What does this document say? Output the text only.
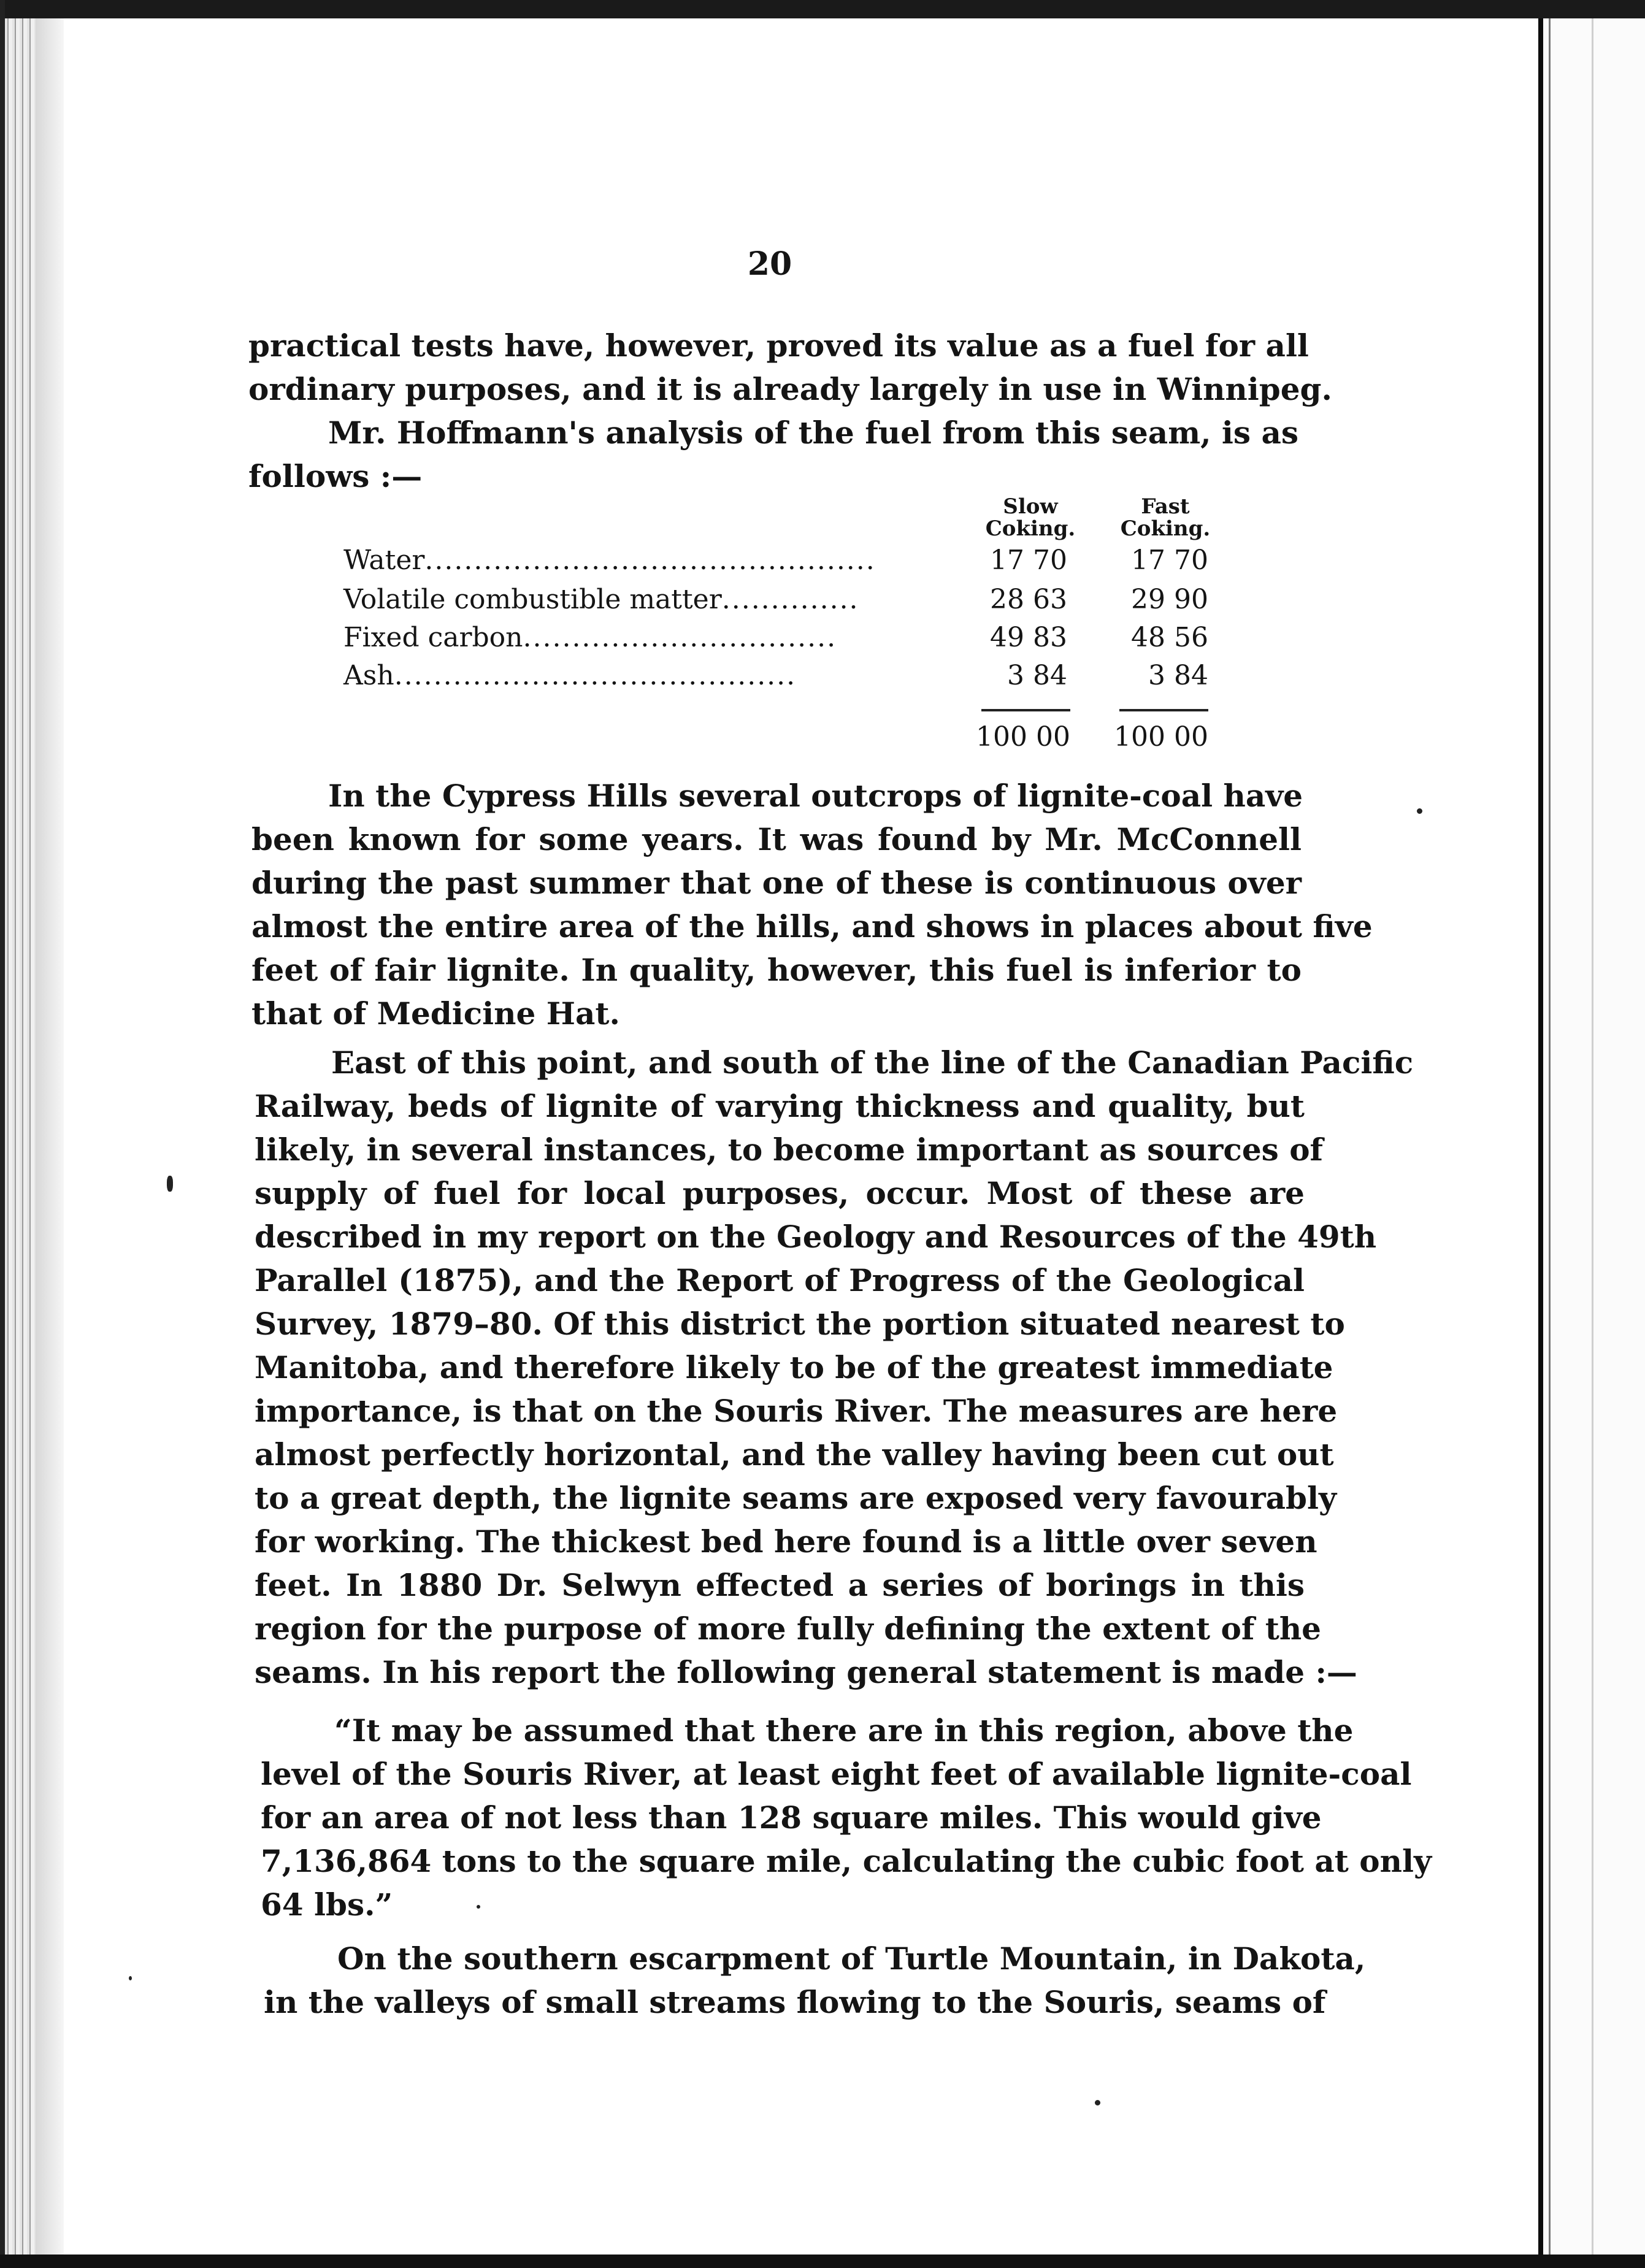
20
practical tests have, however, proved its value as a fuel for all
ordinary purposes, and it is already largely in use in Winnipeg.
Mr. Hoffmann's analysis of the fuel from this seam, is as
follows :—
Slow
Coking.
Fast
Coking.
Water..............................................	17 70	17 70
Volatile combustible matter..............	28 63	29 90
Fixed carbon................................	49 83	48 56
Ash.........................................	3 84	3 84
100 00	100 00
In the Cypress Hills several outcrops of lignite-coal have
been known for some years. It was found by Mr. McConnell
during the past summer that one of these is continuous over
almost the entire area of the hills, and shows in places about five
feet of fair lignite. In quality, however, this fuel is inferior to
that of Medicine Hat.
East of this point, and south of the line of the Canadian Pacific
Railway, beds of lignite of varying thickness and quality, but
likely, in several instances, to become important as sources of
supply of fuel for local purposes, occur. Most of these are
described in my report on the Geology and Resources of the 49th
Parallel (1875), and the Report of Progress of the Geological
Survey, 1879–80. Of this district the portion situated nearest to
Manitoba, and therefore likely to be of the greatest immediate
importance, is that on the Souris River. The measures are here
almost perfectly horizontal, and the valley having been cut out
to a great depth, the lignite seams are exposed very favourably
for working. The thickest bed here found is a little over seven
feet. In 1880 Dr. Selwyn effected a series of borings in this
region for the purpose of more fully defining the extent of the
seams. In his report the following general statement is made :—
“It may be assumed that there are in this region, above the
level of the Souris River, at least eight feet of available lignite-coal
for an area of not less than 128 square miles. This would give
7,136,864 tons to the square mile, calculating the cubic foot at only
64 lbs.”
On the southern escarpment of Turtle Mountain, in Dakota,
in the valleys of small streams flowing to the Souris, seams of
